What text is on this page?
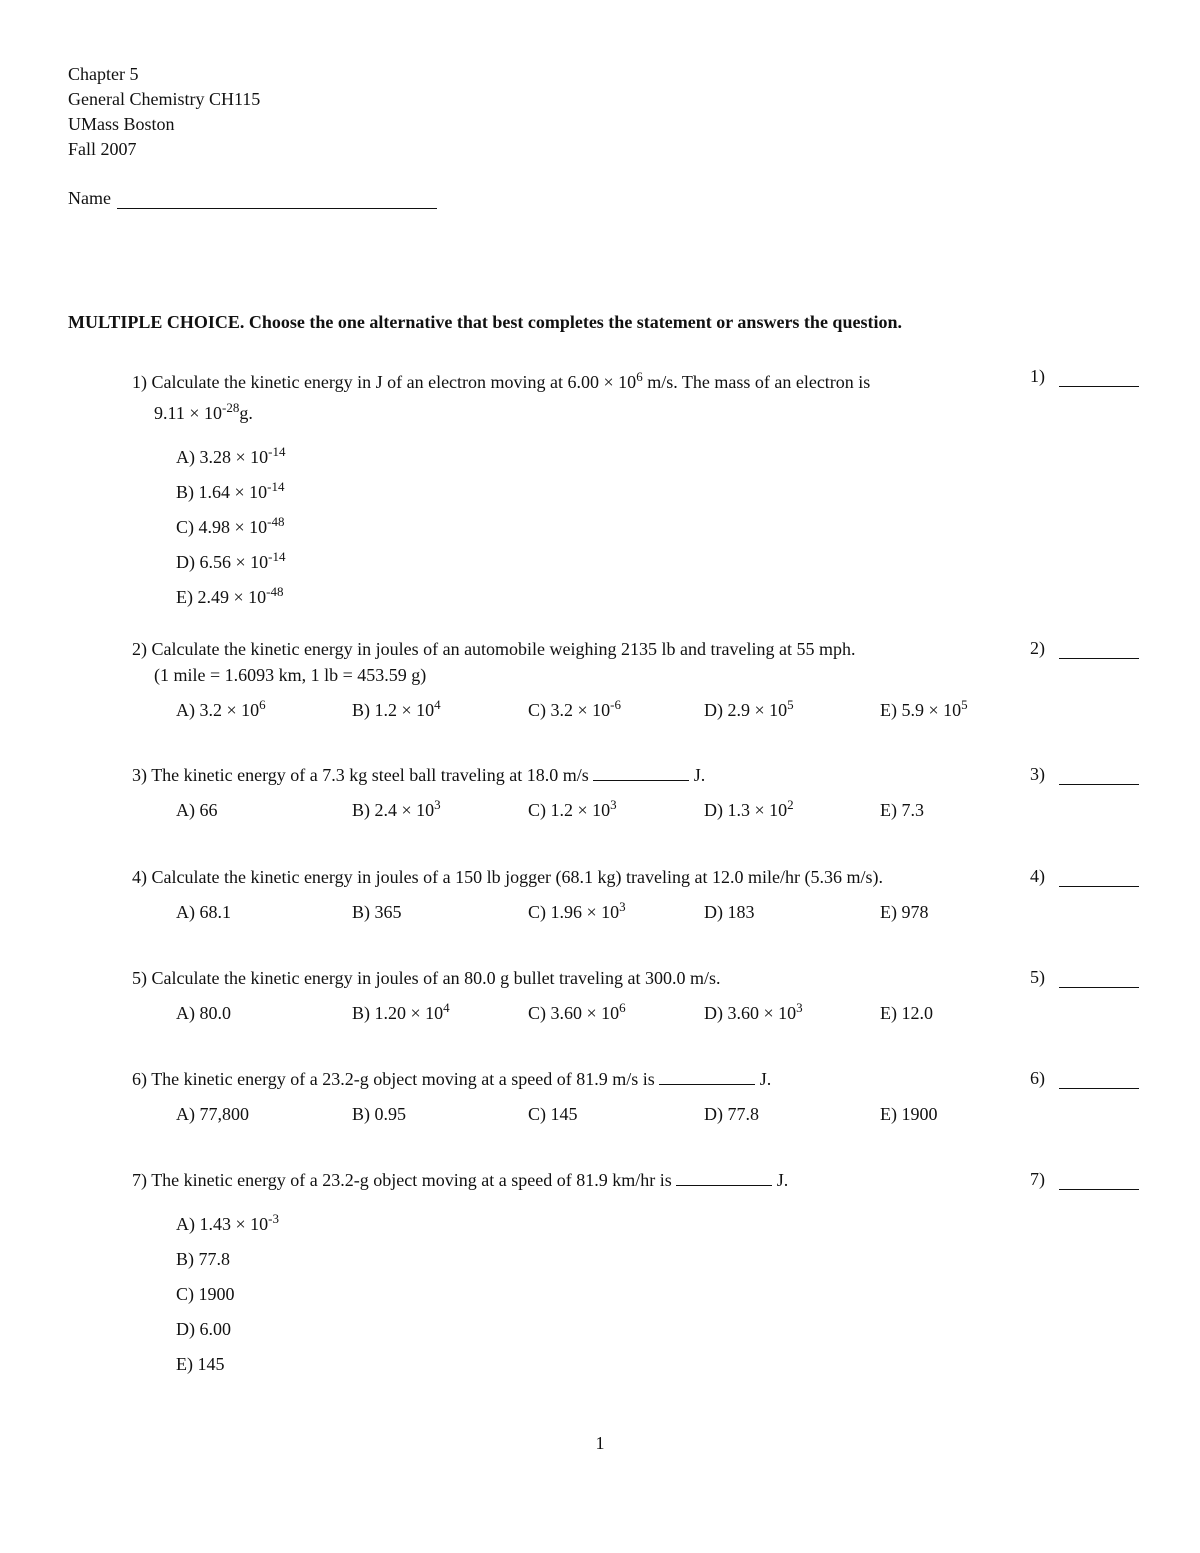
Chapter 5
General Chemistry CH115
UMass Boston
Fall 2007
Name
MULTIPLE CHOICE. Choose the one alternative that best completes the statement or answers the question.
1) Calculate the kinetic energy in J of an electron moving at $6.00 \times 10^6$ m/s. The mass of an electron is
$9.11 \times 10^{-28}g$.
A) $3.28 \times 10^{-14}$
B) $1.64 \times 10^{-14}$
C) $4.98 \times 10^{-48}$
D) $6.56 \times 10^{-14}$
E) $2.49 \times 10^{-48}$
1)
2) Calculate the kinetic energy in joules of an automobile weighing 2135 lb and traveling at 55 mph.
(1 mile = 1.6093 km, 1 lb = 453.59 g)
A) $3.2 \times 10^6$	B) $1.2 \times 10^4$	C) $3.2 \times 10^{-6}$	D) $2.9 \times 10^5$	E) $5.9 \times 10^5$
2)
3) The kinetic energy of a 7.3 kg steel ball traveling at 18.0 m/s	J.
A) 66	B) $2.4 \times 10^3$	C) $1.2 \times 10^3$	D) $1.3 \times 10^2$	E) 7.3
3)
4) Calculate the kinetic energy in joules of a 150 lb jogger (68.1 kg) traveling at 12.0 mile/hr (5.36 m/s).
A) 68.1	B) 365	C) $1.96 \times 10^3$	D) 183	E) 978
4)
5) Calculate the kinetic energy in joules of an 80.0 g bullet traveling at 300.0 m/s.
A) 80.0	B) $1.20 \times 10^4$	C) $3.60 \times 10^6$	D) $3.60 \times 10^3$	E) 12.0
5)
6) The kinetic energy of a 23.2-g object moving at a speed of 81.9 m/s is	J.
A) 77,800	B) 0.95	C) 145	D) 77.8	E) 1900
6)
7) The kinetic energy of a 23.2-g object moving at a speed of 81.9 km/hr is	J.
A) $1.43 \times 10^{-3}$
B) 77.8
C) 1900
D) 6.00
E) 145
7)
1
